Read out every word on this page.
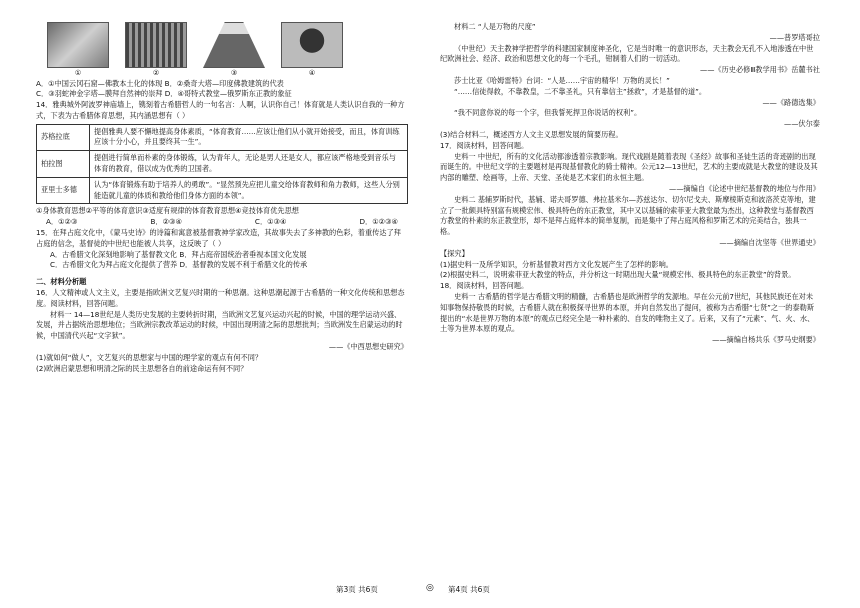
①	②	③	④

A．①中国云冈石窟—佛教本土化的体现 B．②桑奇大塔—印度佛教建筑的代表

C．③羽蛇神金字塔—膜拜自然神的崇拜 D．④哥特式教堂—俄罗斯东正教的象征

14．雅典城外阿波罗神庙墙上，镌刻着古希腊哲人的一句名言：人啊，认识你自己！体育就是人类认识自我的一种方式，下表为古希腊体育思想，其内涵思想有（ ）

苏格拉底	提倡雅典人要不懈地提高身体素质，“体育教育……应该让他们从小就开始接受，而且，体育训练应该十分小心，并且要终其一生”。
柏拉图	提倡进行简单而朴素的身体锻炼，认为青年人，无论是男人还是女人，都应该严格地受到音乐与体育的教育，借以成为优秀的卫国者。
亚里士多德	认为“体育锻炼有助于培养人的勇敢”。“显然预先应把儿童交给体育教师和角力教师，这些人分别能造就儿童的体质和教给他们身体方面的本领”。

①身体教育思想②平等的体育意识③适度有规律的体育教育思想④竞技体育优先思想

A．①②③	B．②③④	C．①③④	D．①②③④

15．在拜占庭文化中，《蒙马史诗》的诗篇和寓意被基督教神学家改造，其故事失去了多神教的色彩，着重传达了拜占庭的信念，基督徒的中世纪也能被人共享，这反映了（ ）

A．古希腊文化深刻地影响了基督教文化 B．拜占庭帝国统治者垂视本国文化发展

C．古希腊文化为拜占庭文化提供了营养 D．基督教的发展不利于希腊文化的传承

二、材料分析题

16．人文精神或人文主义，主要是指欧洲文艺复兴时期的一种思潮。这种思潮起源于古希腊的一种文化传统和思想态度。阅读材料，回答问题。

材料一 14—18世纪是人类历史发展的主要转折时期，当欧洲文艺复兴运动兴起的时候，中国的理学运动兴盛、发展，并占据统治思想地位；当欧洲宗教改革运动的时候，中国出现明清之际的思想批判；当欧洲发生启蒙运动的时候，中国清代兴起“文字狱”。

——《中西思想史研究》

(1)就如何“做人”，文艺复兴的思想家与中国的理学家的观点有何不同？

(2)欧洲启蒙思想和明清之际的民主思想各自的前途命运有何不同？

材料二 “人是万物的尺度”

——普罗塔哥拉

（中世纪）天主教神学把哲学的科建国家制度神圣化，它是当时唯一的意识形态，天主教会无孔不入地渗透在中世纪欧洲社会、经济、政治和思想文化的每一个毛孔，钳制着人们的一切活动。

——《历史必修Ⅲ教学用书》岳麓书社

莎士比亚《哈姆雷特》台词：“人是……宇宙的精华！万物的灵长！”

“……信徒得救，不靠教皇，二不靠圣礼，只有靠信主”拯救”，才是基督的道”。

——《路德选集》

“我不同意你说的每一个字，但我誓死捍卫你说话的权利”。

——伏尔泰

(3)结合材料二，概述西方人文主义思想发展的简要历程。

17．阅读材料，回答问题。

史料一 中世纪，所有的文化活动都渗透着宗教影响。现代戏剧是随着表现《圣经》故事和圣徒生活的奇迹剧的出现而诞生的。中世纪文学的主要题材是再现基督教化的骑士精神。公元12—13世纪，艺术的主要成就是大教堂的建设及其内部的雕塑、绘画等，上帝、天堂、圣徒是艺术家们的永恒主题。

——摘编自《论述中世纪基督教的地位与作用》

史料二 基辅罗斯时代，基辅、诺夫哥罗德、弗拉基米尔—苏兹达尔、切尔尼戈夫、斯摩棱斯克和波洛茨克等地，建立了一批颇具特别富有规模宏伟、极具特色的东正教堂，其中又以基辅的索菲亚大教堂最为杰出，这种教堂与基督教西方教堂的朴素的东正教堂形，却不是拜占庭样本的简单复制，而是集中了拜占庭风格和罗斯艺术的完美结合，独具一格。

——摘编自沈坚等《世界通史》

【探究】

(1)据史料一及所学知识，分析基督教对西方文化发展产生了怎样的影响。

(2)根据史料二，说明索菲亚大教堂的特点，并分析这一时期出现大量“规模宏伟、极具特色的东正教堂”的背景。

18．阅读材料，回答问题。

史料一 古希腊的哲学是古希腊文明的精髓，古希腊也是欧洲哲学的发源地。早在公元前7世纪，其他民族还在对未知事物保持敬畏的时候，古希腊人就在积极探寻世界的本原，并向自然发出了提问，被称为古希腊“七贤”之一的泰勒斯提出的“水是世界万物的本原”的观点已经完全是一种朴素的、自发的唯物主义了。后来，又有了“元素”、气、火、水、土等为世界本原的观点。

——摘编自杨共乐《罗马史纲要》

第3页 共6页	◎ 第4页 共6页
